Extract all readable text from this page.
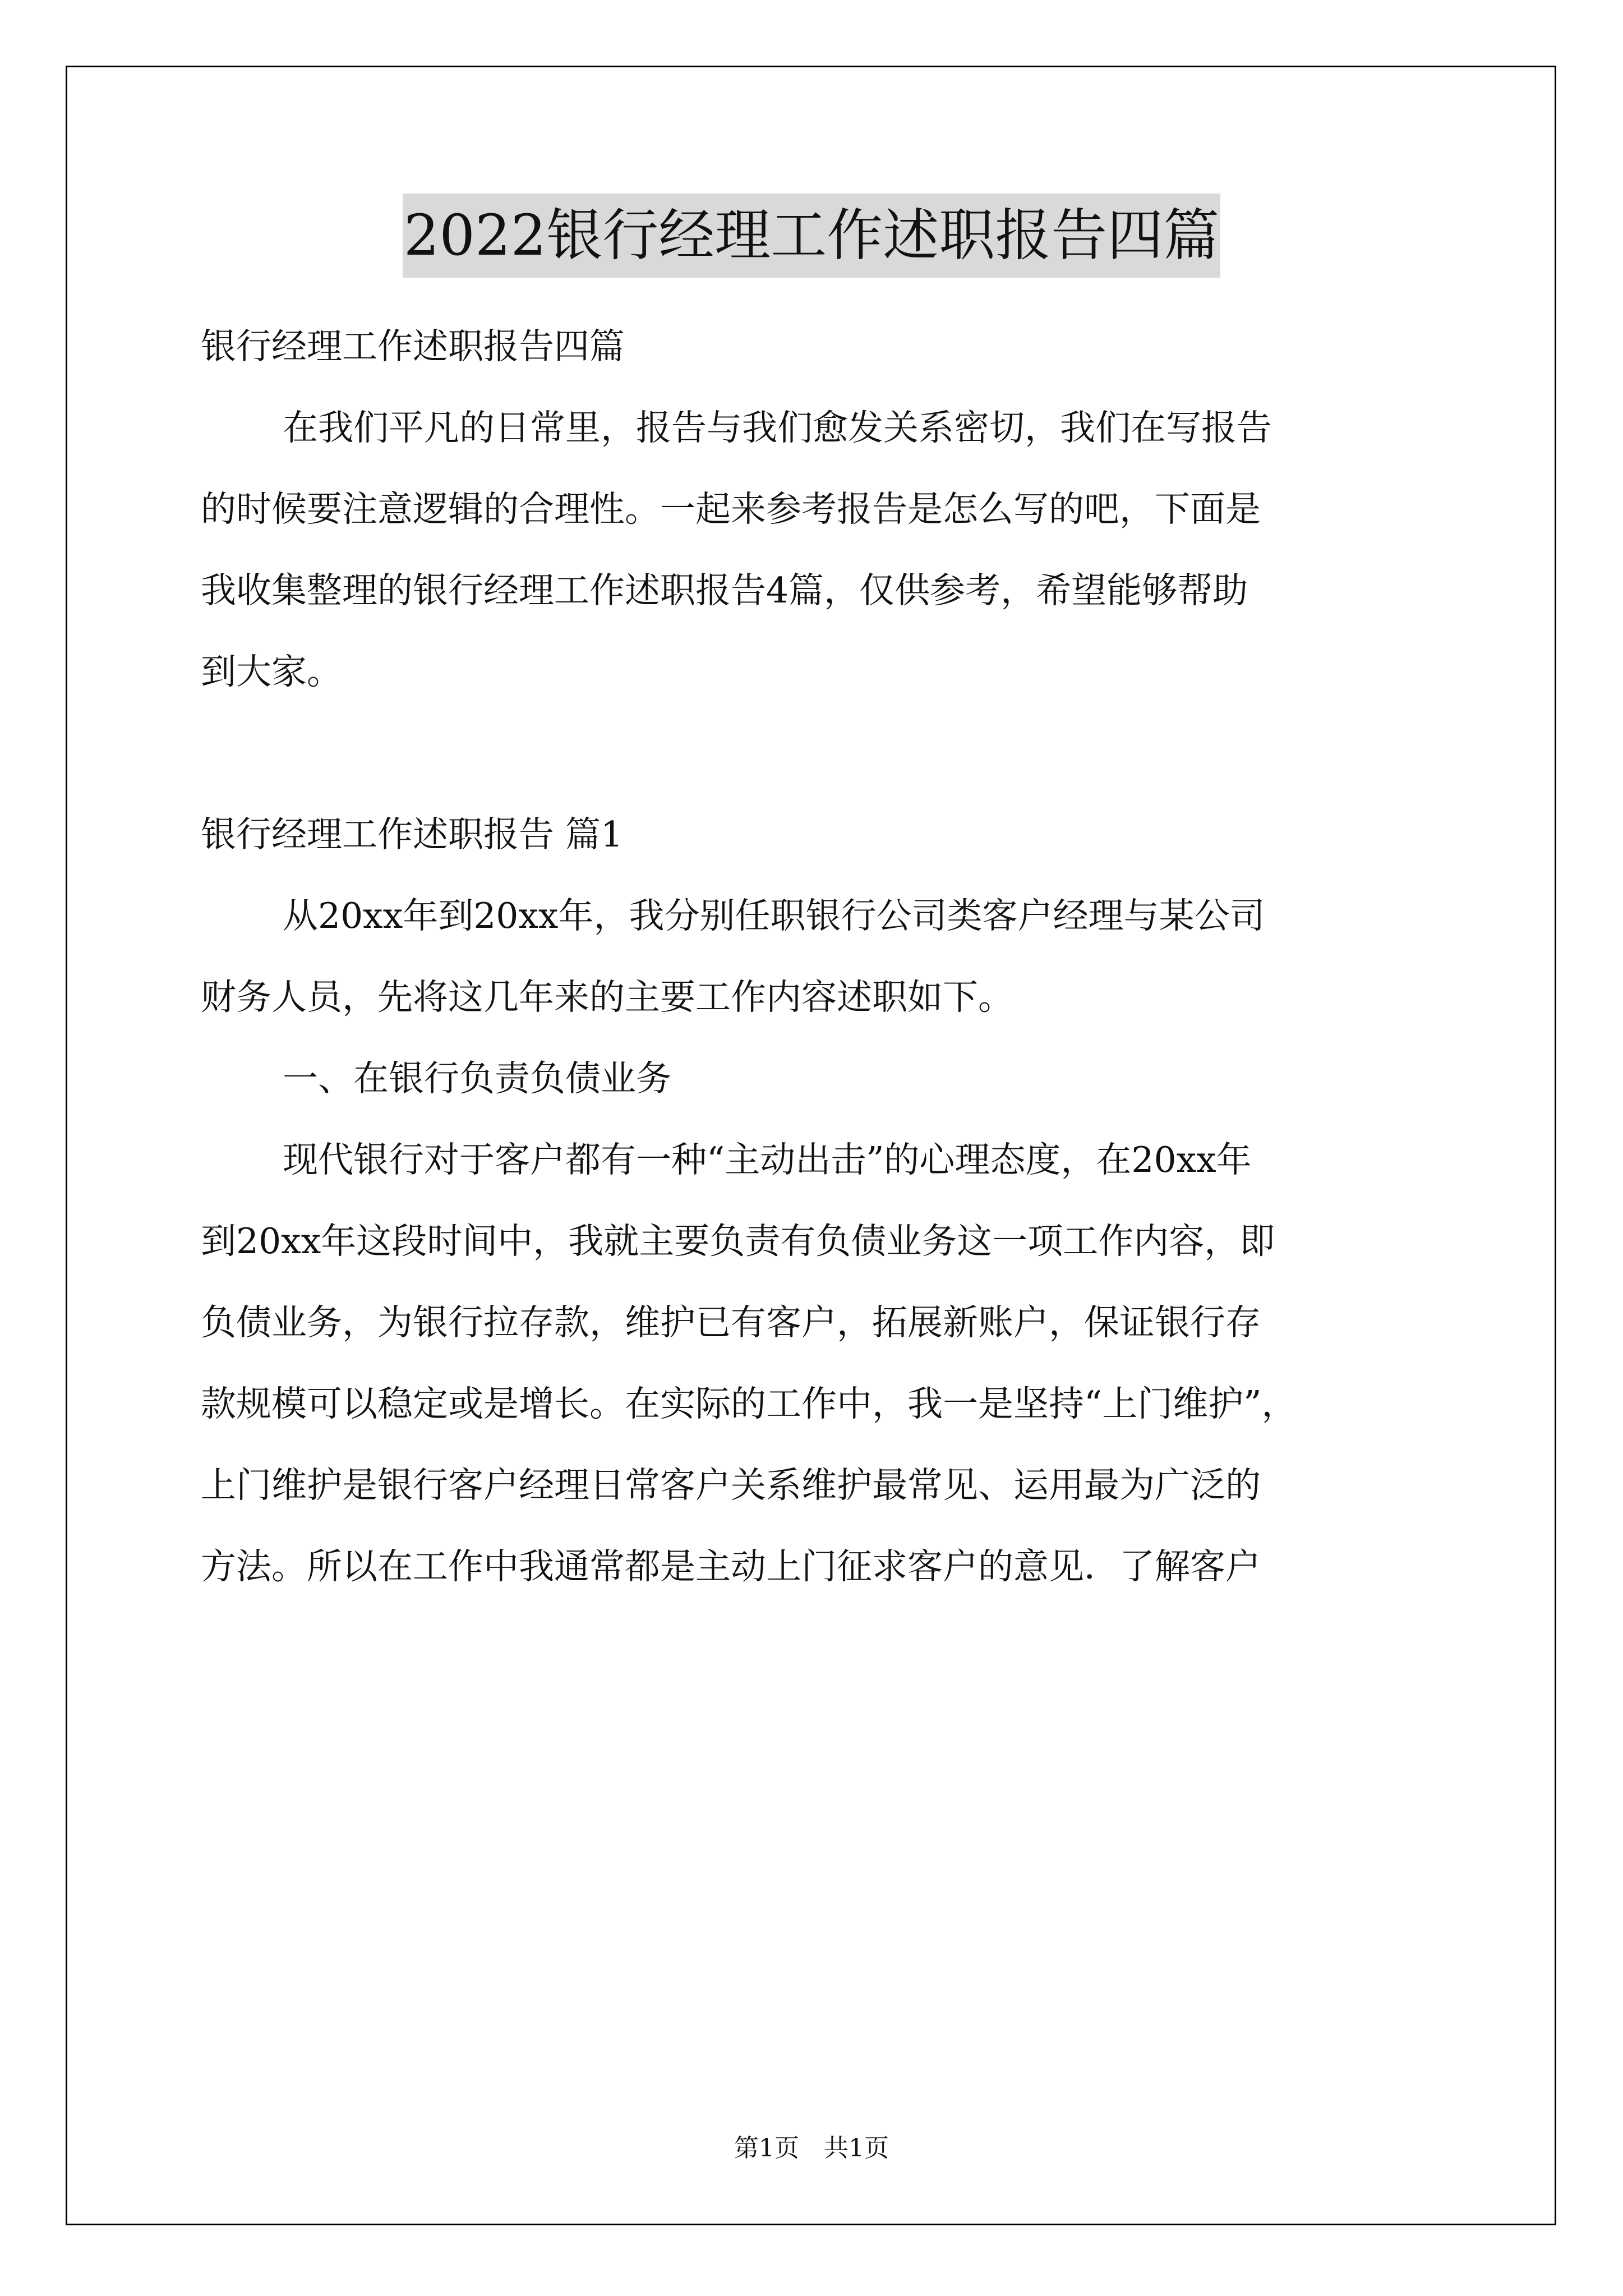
2022银行经理工作述职报告四篇
银行经理工作述职报告四篇
在我们平凡的日常里，报告与我们愈发关系密切，我们在写报告
的时候要注意逻辑的合理性。一起来参考报告是怎么写的吧，下面是
我收集整理的银行经理工作述职报告4篇，仅供参考，希望能够帮助
到大家。
银行经理工作述职报告 篇1
从20xx年到20xx年，我分别任职银行公司类客户经理与某公司
财务人员，先将这几年来的主要工作内容述职如下。
一、在银行负责负债业务
现代银行对于客户都有一种“主动出击”的心理态度，在20xx年
到20xx年这段时间中，我就主要负责有负债业务这一项工作内容，即
负债业务，为银行拉存款，维护已有客户，拓展新账户，保证银行存
款规模可以稳定或是增长。在实际的工作中，我一是坚持“上门维护”，
上门维护是银行客户经理日常客户关系维护最常见、运用最为广泛的
方法。所以在工作中我通常都是主动上门征求客户的意见．了解客户
第1页　共1页
